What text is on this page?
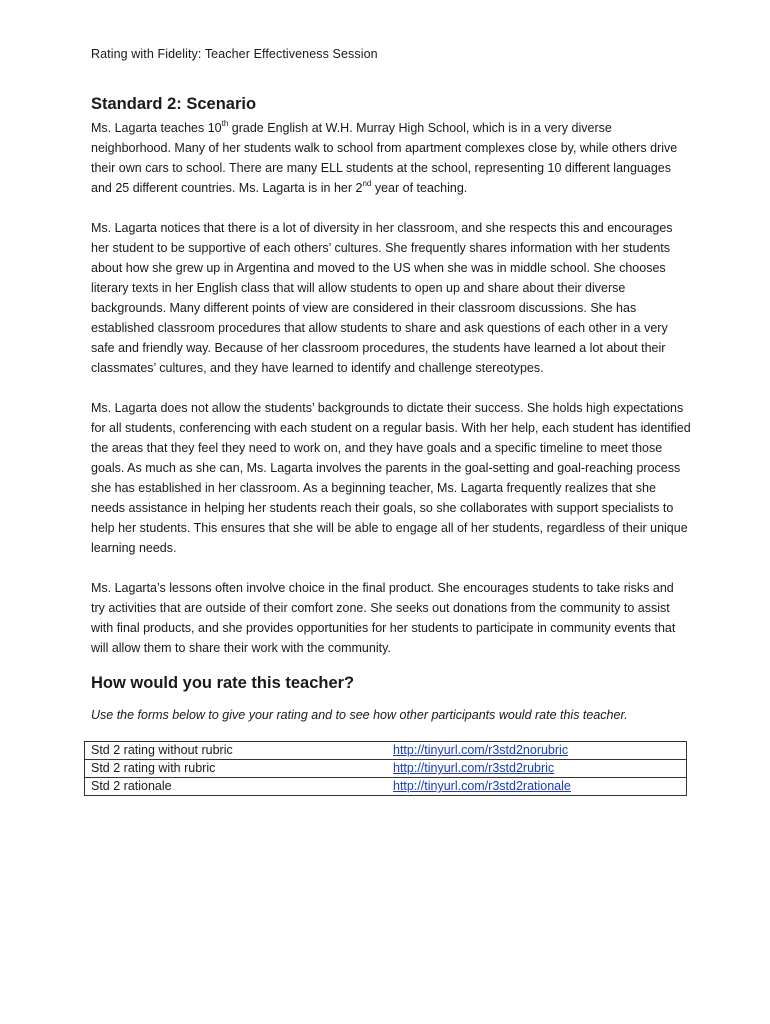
Rating with Fidelity: Teacher Effectiveness Session
Standard 2: Scenario
Ms. Lagarta teaches 10th grade English at W.H. Murray High School, which is in a very diverse neighborhood. Many of her students walk to school from apartment complexes close by, while others drive their own cars to school. There are many ELL students at the school, representing 10 different languages and 25 different countries. Ms. Lagarta is in her 2nd year of teaching.
Ms. Lagarta notices that there is a lot of diversity in her classroom, and she respects this and encourages her student to be supportive of each others’ cultures. She frequently shares information with her students about how she grew up in Argentina and moved to the US when she was in middle school. She chooses literary texts in her English class that will allow students to open up and share about their diverse backgrounds. Many different points of view are considered in their classroom discussions. She has established classroom procedures that allow students to share and ask questions of each other in a very safe and friendly way. Because of her classroom procedures, the students have learned a lot about their classmates’ cultures, and they have learned to identify and challenge stereotypes.
Ms. Lagarta does not allow the students’ backgrounds to dictate their success. She holds high expectations for all students, conferencing with each student on a regular basis. With her help, each student has identified the areas that they feel they need to work on, and they have goals and a specific timeline to meet those goals. As much as she can, Ms. Lagarta involves the parents in the goal-setting and goal-reaching process she has established in her classroom. As a beginning teacher, Ms. Lagarta frequently realizes that she needs assistance in helping her students reach their goals, so she collaborates with support specialists to help her students. This ensures that she will be able to engage all of her students, regardless of their unique learning needs.
Ms. Lagarta’s lessons often involve choice in the final product. She encourages students to take risks and try activities that are outside of their comfort zone. She seeks out donations from the community to assist with final products, and she provides opportunities for her students to participate in community events that will allow them to share their work with the community.
How would you rate this teacher?
Use the forms below to give your rating and to see how other participants would rate this teacher.
Std 2 rating without rubric	http://tinyurl.com/r3std2norubric
Std 2 rating with rubric	http://tinyurl.com/r3std2rubric
Std 2 rationale	http://tinyurl.com/r3std2rationale
